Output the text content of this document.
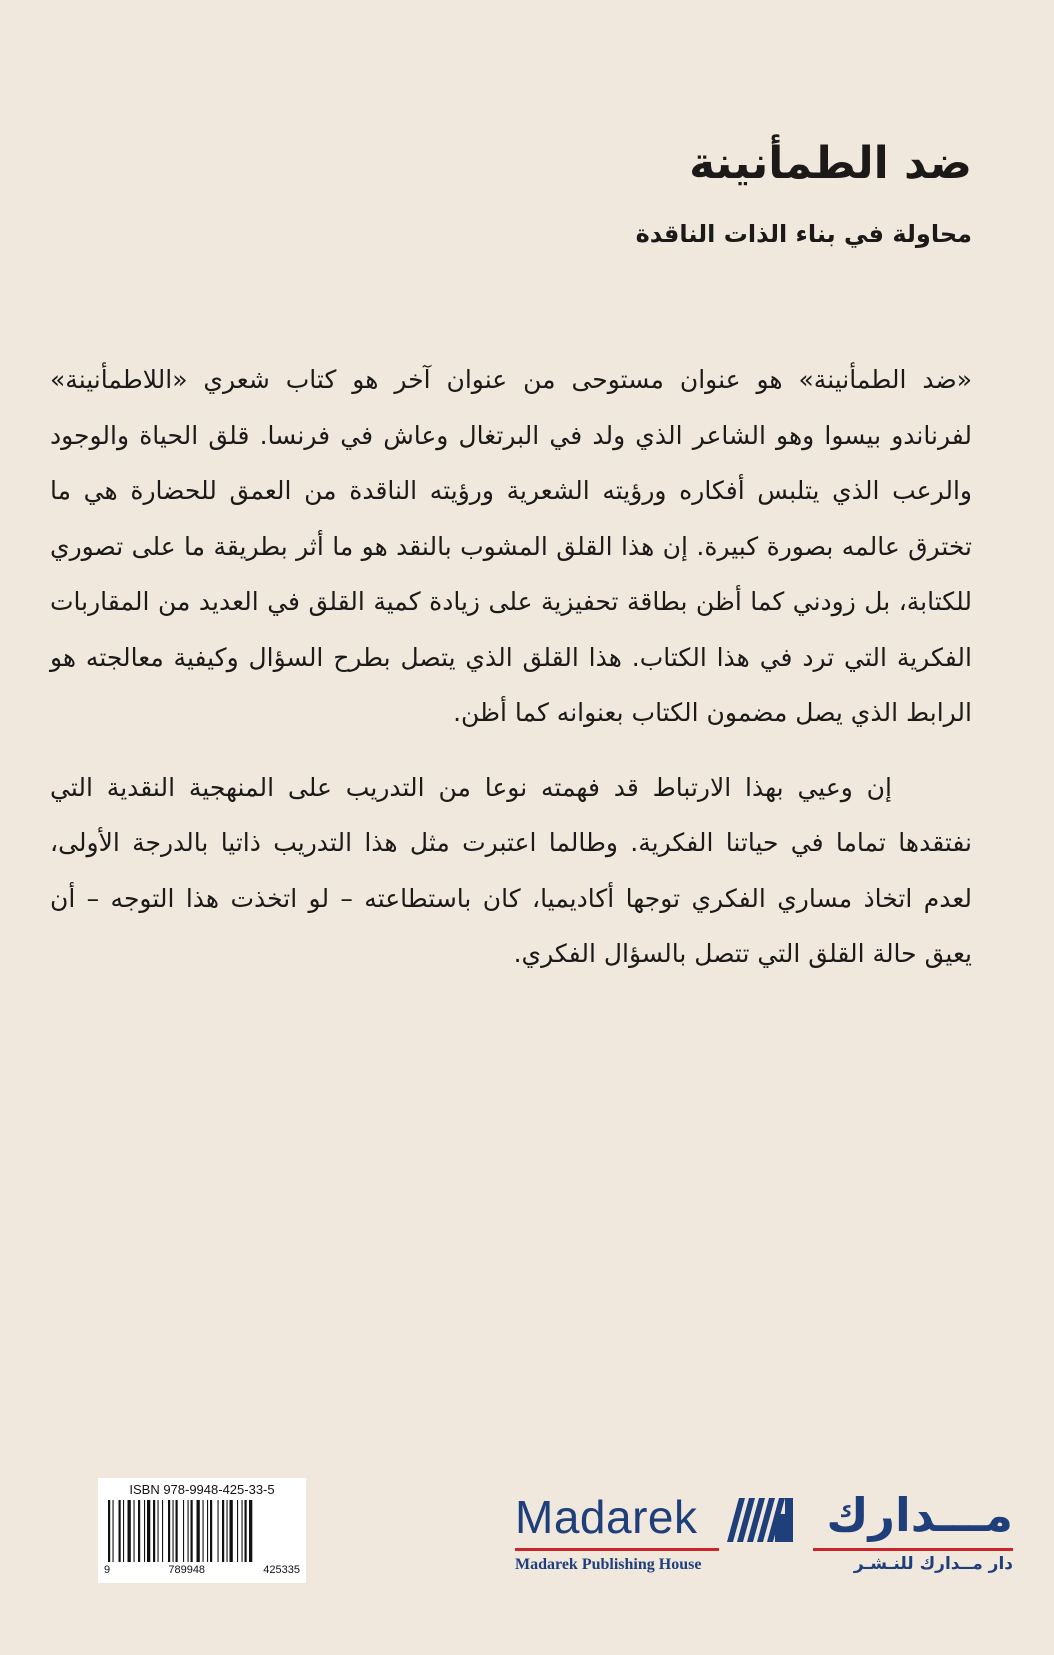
ضد الطمأنينة
محاولة في بناء الذات الناقدة

«ضد الطمأنينة» هو عنوان مستوحى من عنوان آخر هو كتاب شعري «اللاطمأنينة» لفرناندو بيسوا وهو الشاعر الذي ولد في البرتغال وعاش في فرنسا. قلق الحياة والوجود والرعب الذي يتلبس أفكاره ورؤيته الشعرية ورؤيته الناقدة من العمق للحضارة هي ما تخترق عالمه بصورة كبيرة. إن هذا القلق المشوب بالنقد هو ما أثر بطريقة ما على تصوري للكتابة، بل زودني كما أظن بطاقة تحفيزية على زيادة كمية القلق في العديد من المقاربات الفكرية التي ترد في هذا الكتاب. هذا القلق الذي يتصل بطرح السؤال وكيفية معالجته هو الرابط الذي يصل مضمون الكتاب بعنوانه كما أظن.

إن وعيي بهذا الارتباط قد فهمته نوعا من التدريب على المنهجية النقدية التي نفتقدها تماما في حياتنا الفكرية. وطالما اعتبرت مثل هذا التدريب ذاتيا بالدرجة الأولى، لعدم اتخاذ مساري الفكري توجها أكاديميا، كان باستطاعته – لو اتخذت هذا التوجه – أن يعيق حالة القلق التي تتصل بالسؤال الفكري.

ISBN 978-9948-425-33-5
9	789948	425335
Madarek	مـــدارك
Madarek Publishing House	دار مــدارك للنـشـر
